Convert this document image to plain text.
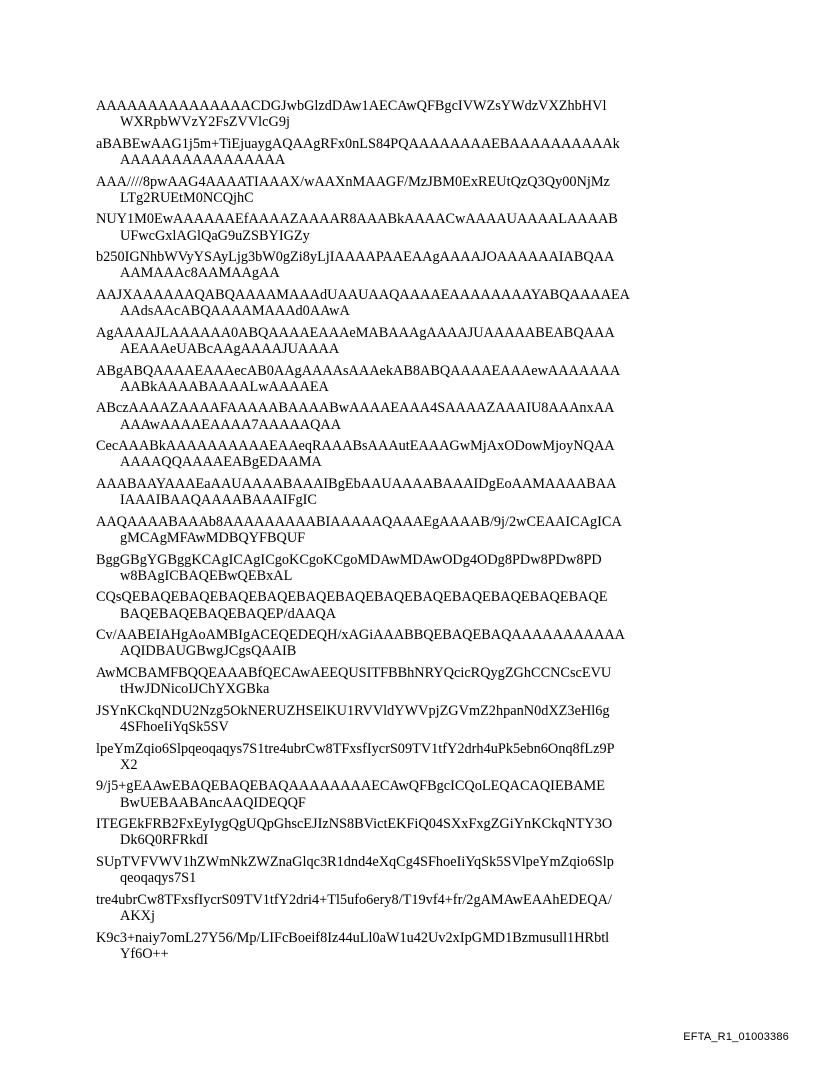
AAAAAAAAAAAAAAACDGJwbGlzdDAw1AECAwQFBgcIVWZsYWdzVXZhbHVl
WXRpbWVzY2FsZVVlcG9j

aBABEwAAG1j5m+TiEjuaygAQAAgRFx0nLS84PQAAAAAAAAEBAAAAAAAAAAk
AAAAAAAAAAAAAAAA

AAA////8pwAAG4AAAATIAAAX/wAAXnMAAGF/MzJBM0ExREUtQzQ3Qy00NjMz
LTg2RUEtM0NCQjhC

NUY1M0EwAAAAAAEfAAAAZAAAAR8AAABkAAAACwAAAAUAAAALAAAAB
UFwcGxlAGlQaG9uZSBYIGZy

b250IGNhbWVyYSAyLjg3bW0gZi8yLjIAAAAPAAEAAgAAAAJOAAAAAAIABQAA
AAMAAAc8AAMAAgAA

AAJXAAAAAAQABQAAAAMAAAdUAAUAAQAAAAEAAAAAAAAYABQAAAAEA
AAdsAAcABQAAAAMAAAd0AAwA

AgAAAAJLAAAAAA0ABQAAAAEAAAeMABAAAgAAAAJUAAAAABEABQAAA
AEAAAeUABcAAgAAAAJUAAAA

ABgABQAAAAEAAAecAB0AAgAAAAsAAAekAB8ABQAAAAEAAAewAAAAAAA
AABkAAAABAAAALwAAAAEA

ABczAAAAZAAAAFAAAAABAAAABwAAAAEAAA4SAAAAZAAAIU8AAAnxAA
AAAwAAAAEAAAA7AAAAAQAA

CecAAABkAAAAAAAAAAEAAeqRAAABsAAAutEAAAGwMjAxODowMjoyNQAA
AAAAQQAAAAEABgEDAAMA

AAABAAYAAAEaAAUAAAABAAAIBgEbAAUAAAABAAAIDgEoAAMAAAABAA
IAAAIBAAQAAAABAAAIFgIC

AAQAAAABAAAb8AAAAAAAAABIAAAAAQAAAEgAAAAB/9j/2wCEAAICAgICA
gMCAgMFAwMDBQYFBQUF

BggGBgYGBggKCAgICAgICgoKCgoKCgoMDAwMDAwODg4ODg8PDw8PDw8PD
w8BAgICBAQEBwQEBxAL

CQsQEBAQEBAQEBAQEBAQEBAQEBAQEBAQEBAQEBAQEBAQEBAQEBAQE
BAQEBAQEBAQEBAQEP/dAAQA

Cv/AABEIAHgAoAMBIgACEQEDEQH/xAGiAAABBQEBAQEBAQAAAAAAAAAAA
AQIDBAUGBwgJCgsQAAIB

AwMCBAMFBQQEAAABfQECAwAEEQUSITFBBhNRYQcicRQygZGhCCNCscEVU
tHwJDNicoIJChYXGBka

JSYnKCkqNDU2Nzg5OkNERUZHSElKU1RVVldYWVpjZGVmZ2hpanN0dXZ3eHl6g
4SFhoeIiYqSk5SV

lpeYmZqio6Slpqeoqaqys7S1tre4ubrCw8TFxsfIycrS09TV1tfY2drh4uPk5ebn6Onq8fLz9P
X2

9/j5+gEAAwEBAQEBAQEBAQAAAAAAAAECAwQFBgcICQoLEQACAQIEBAME
BwUEBAABAncAAQIDEQQF

ITEGEkFRB2FxEyIygQgUQpGhscEJIzNS8BVictEKFiQ04SXxFxgZGiYnKCkqNTY3O
Dk6Q0RFRkdI

SUpTVFVWV1hZWmNkZWZnaGlqc3R1dnd4eXqCg4SFhoeIiYqSk5SVlpeYmZqio6Slp
qeoqaqys7S1

tre4ubrCw8TFxsfIycrS09TV1tfY2dri4+Tl5ufo6ery8/T19vf4+fr/2gAMAwEAAhEDEQA/
AKXj

K9c3+naiy7omL27Y56/Mp/LIFcBoeif8Iz44uLl0aW1u42Uv2xIpGMD1Bzmusull1HRbtl
Yf6O++

EFTA_R1_01003386
